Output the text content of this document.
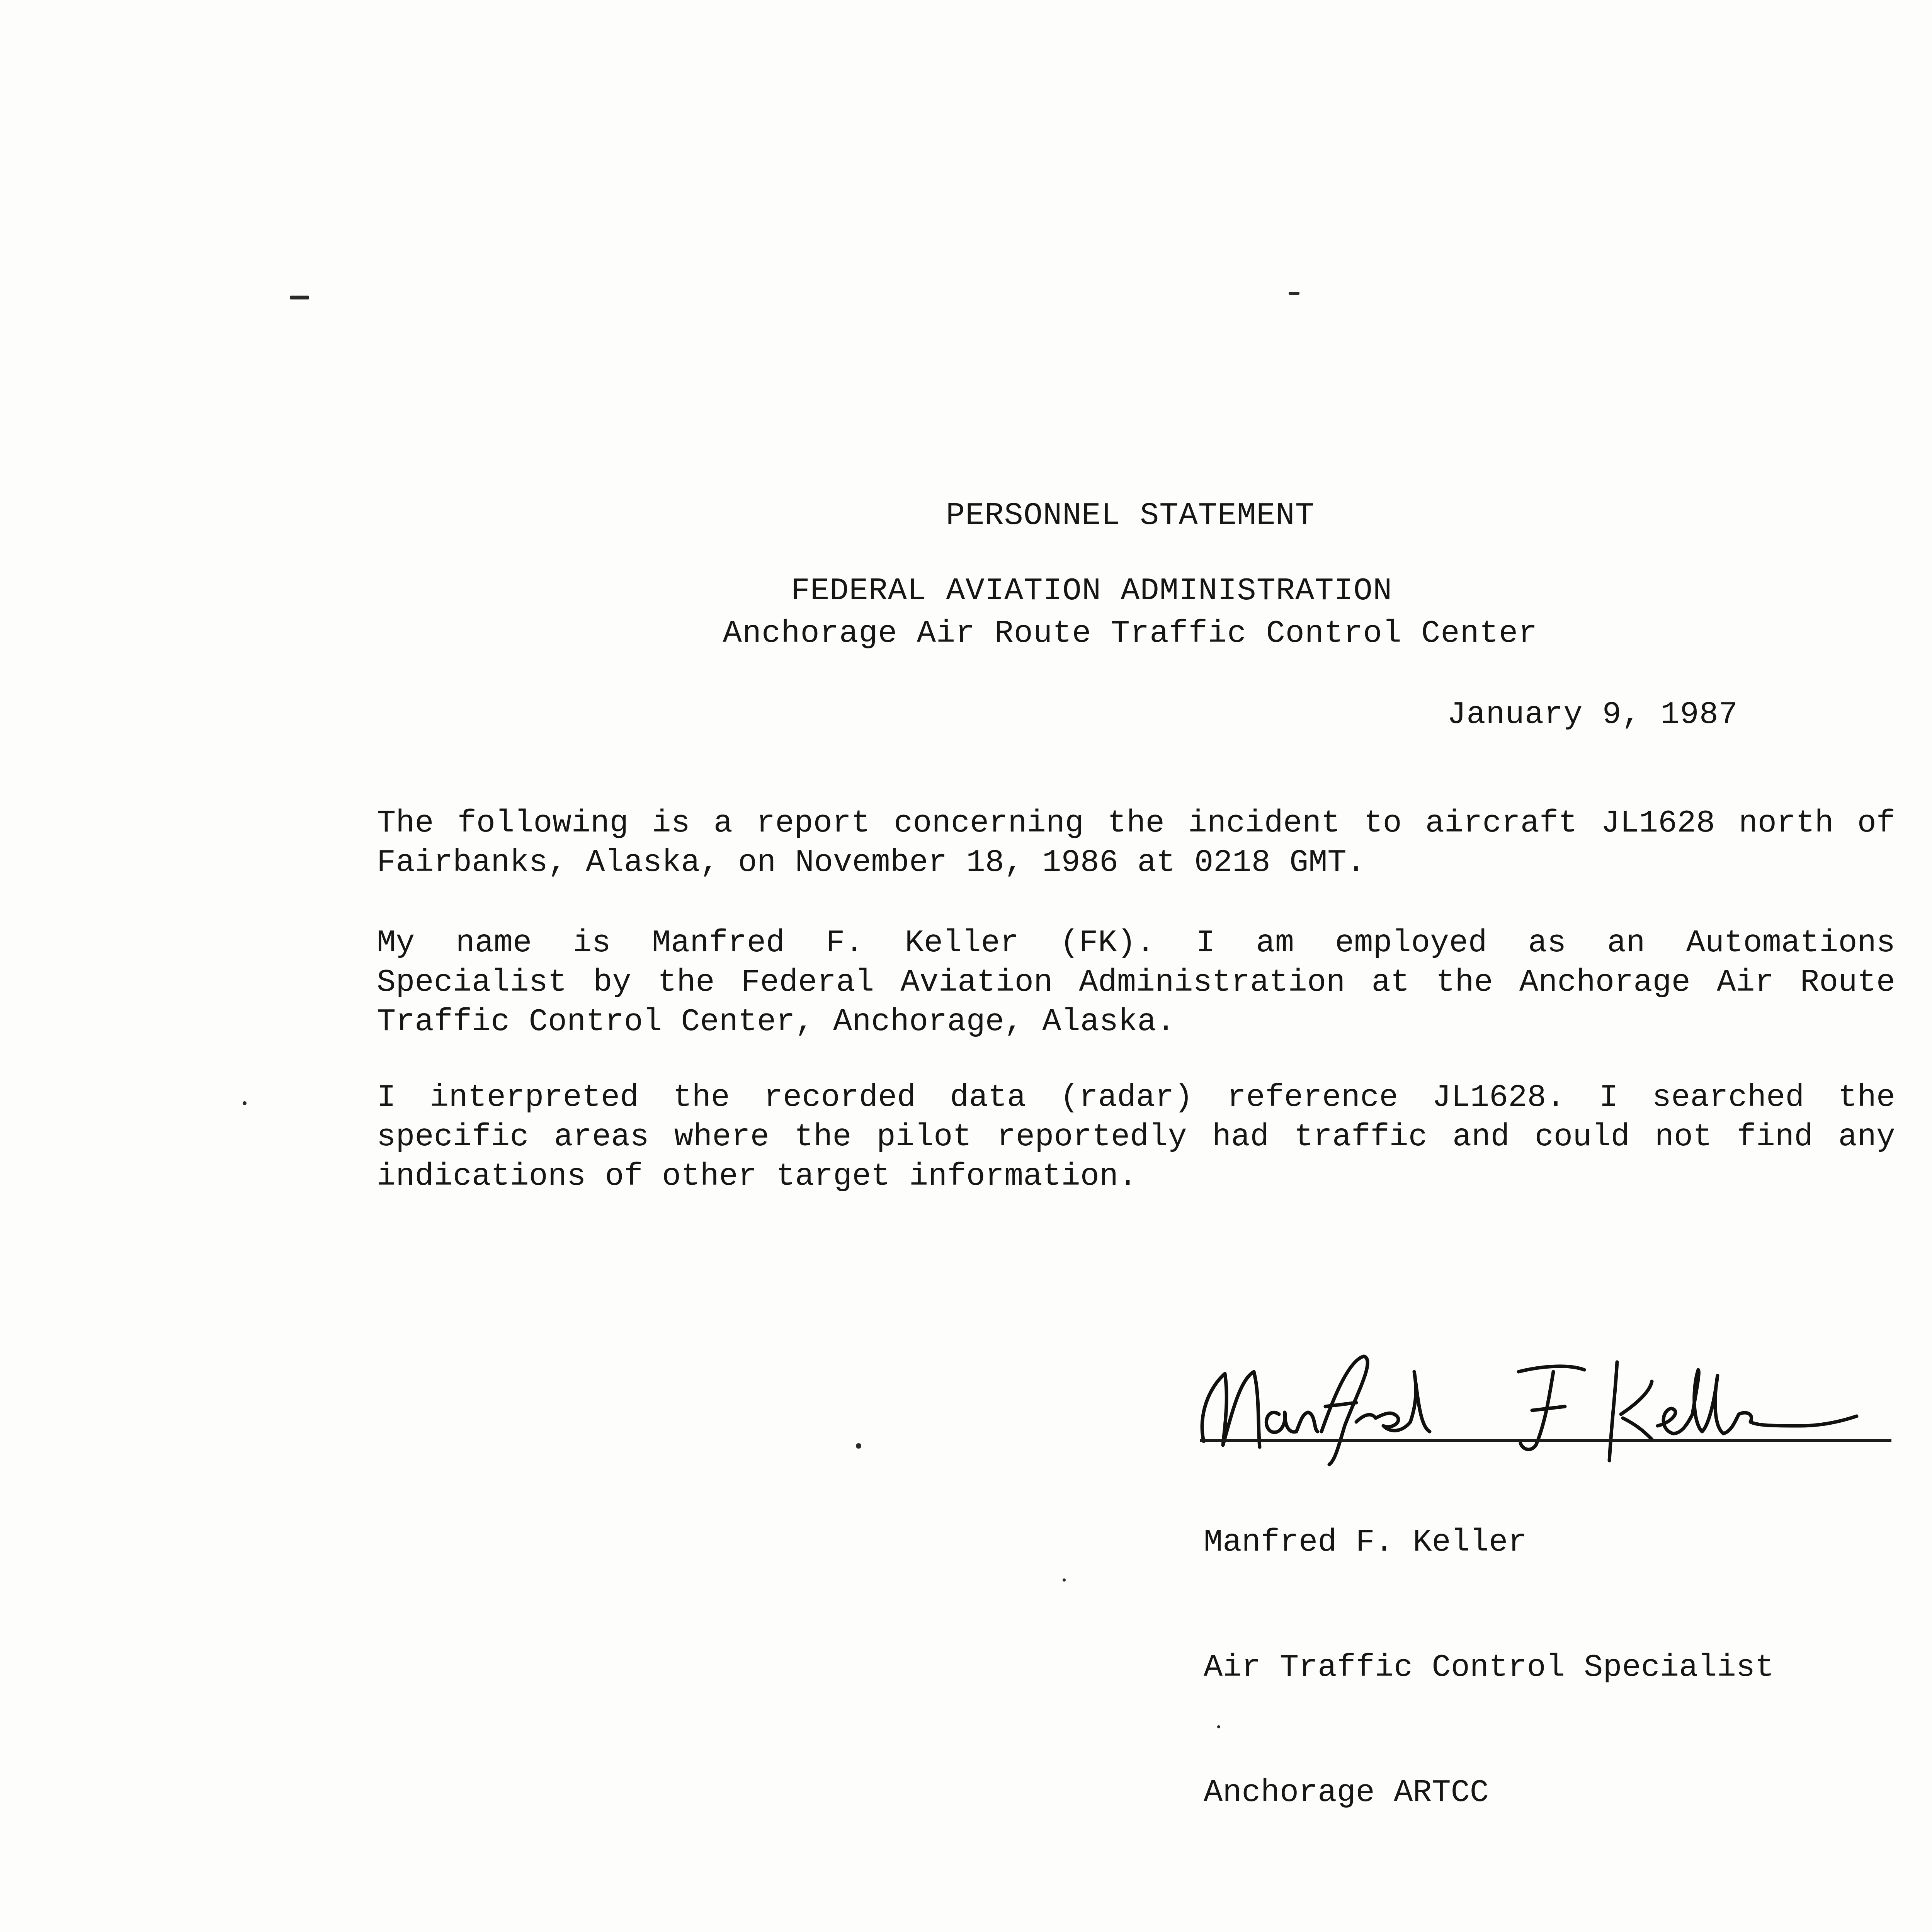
PERSONNEL STATEMENT
FEDERAL AVIATION ADMINISTRATION
Anchorage Air Route Traffic Control Center
January 9, 1987
The following is a report concerning the incident to aircraft JL1628 north of
Fairbanks, Alaska, on November 18, 1986 at 0218 GMT.
My name is Manfred F. Keller (FK). I am employed as an Automations
Specialist by the Federal Aviation Administration at the Anchorage Air Route
Traffic Control Center, Anchorage, Alaska.
I interpreted the recorded data (radar) reference JL1628. I searched the
specific areas where the pilot reportedly had traffic and could not find any
indications of other target information.

Manfred F. Keller

Air Traffic Control Specialist

Anchorage ARTCC
